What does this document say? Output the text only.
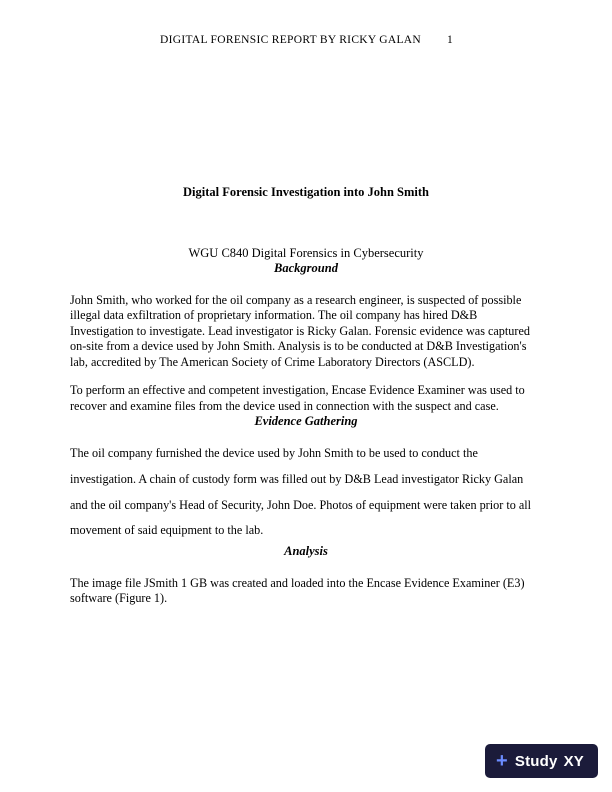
DIGITAL FORENSIC REPORT BY RICKY GALAN 1
Digital Forensic Investigation into John Smith
WGU C840 Digital Forensics in Cybersecurity
Background

John Smith, who worked for the oil company as a research engineer, is suspected of possible illegal data exfiltration of proprietary information. The oil company has hired D&B Investigation to investigate. Lead investigator is Ricky Galan. Forensic evidence was captured on-site from a device used by John Smith. Analysis is to be conducted at D&B Investigation's lab, accredited by The American Society of Crime Laboratory Directors (ASCLD).

To perform an effective and competent investigation, Encase Evidence Examiner was used to recover and examine files from the device used in connection with the suspect and case.

Evidence Gathering

The oil company furnished the device used by John Smith to be used to conduct the investigation. A chain of custody form was filled out by D&B Lead investigator Ricky Galan and the oil company's Head of Security, John Doe. Photos of equipment were taken prior to all movement of said equipment to the lab.

Analysis

The image file JSmith 1 GB was created and loaded into the Encase Evidence Examiner (E3) software (Figure 1).

+ Study XY
